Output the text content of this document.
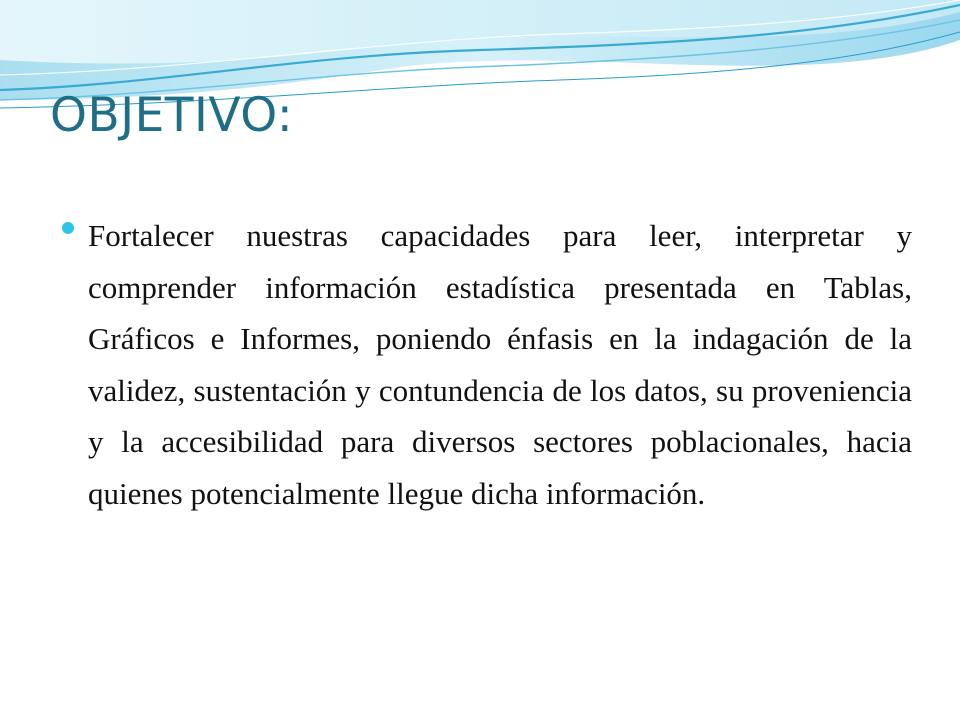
OBJETIVO:

Fortalecer nuestras capacidades para leer, interpretar y comprender información estadística presentada en Tablas, Gráficos e Informes, poniendo énfasis en la indagación de la validez, sustentación y contundencia de los datos, su proveniencia y la accesibilidad para diversos sectores poblacionales, hacia quienes potencialmente llegue dicha información.
